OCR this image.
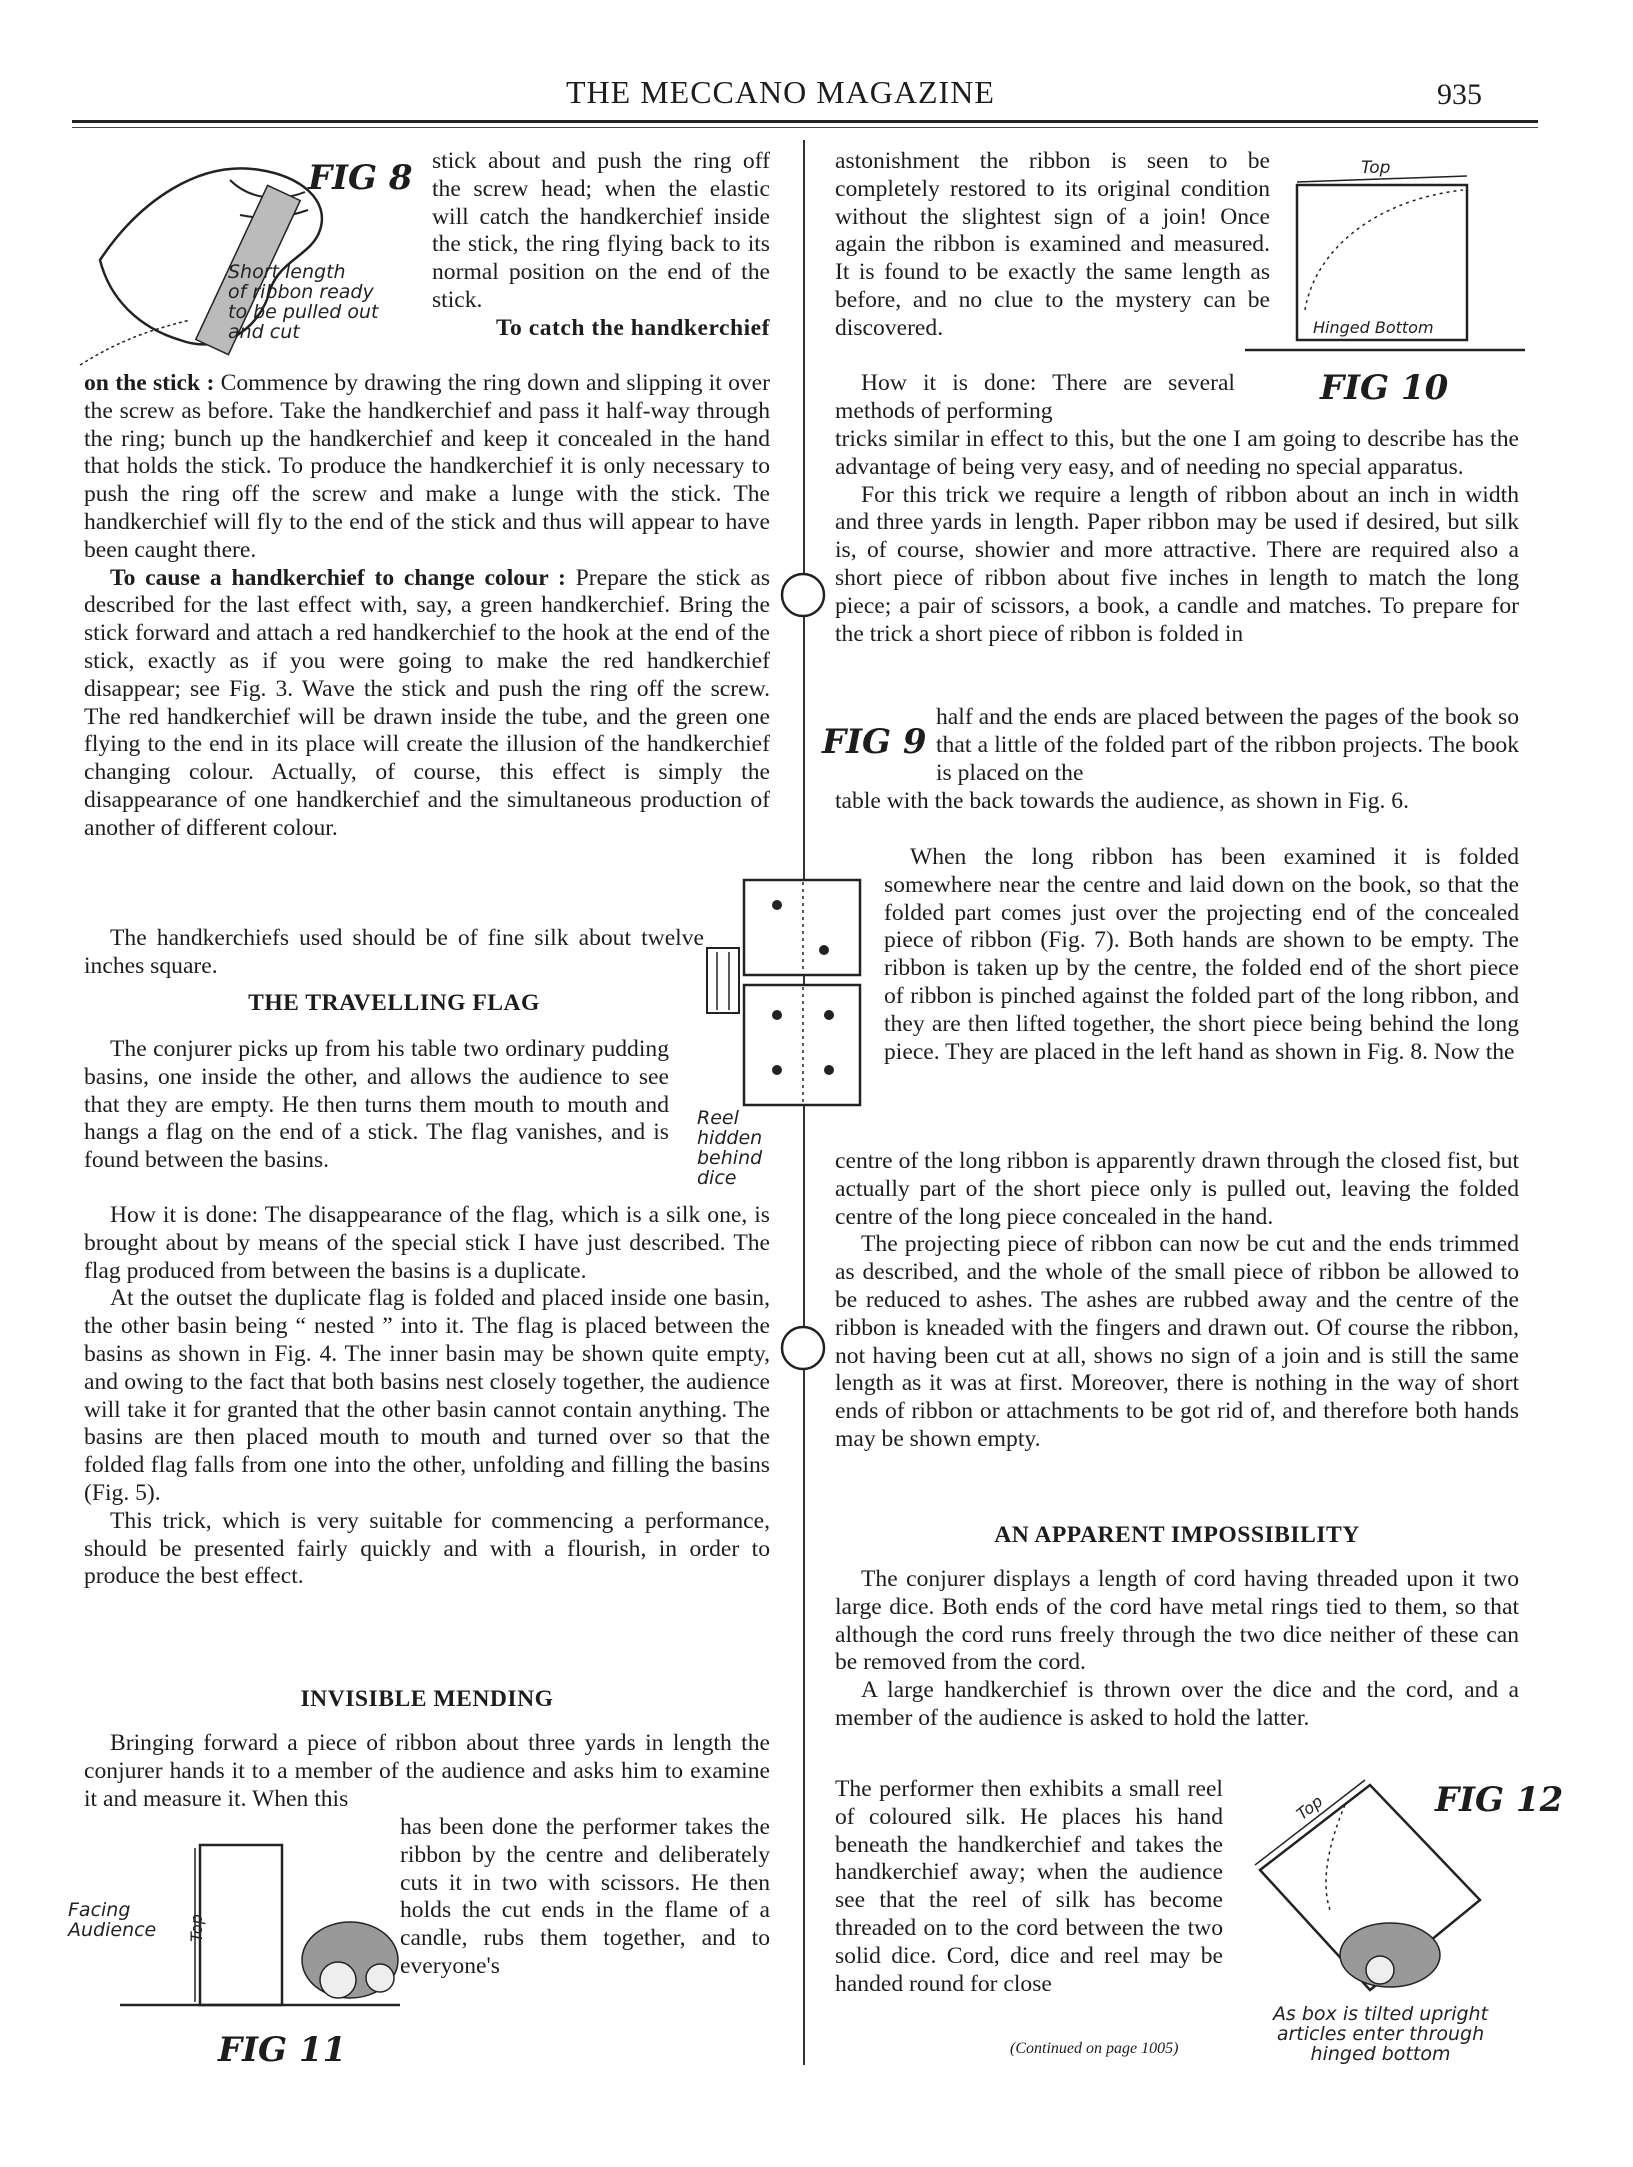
THE MECCANO MAGAZINE	935
FIG 8
Short length
of ribbon ready
to be pulled out
and cut

stick about and push the ring off the screw head; when the elastic will catch the handkerchief inside the stick, the ring flying back to its normal position on the end of the stick.

To catch the handkerchief

on the stick : Commence by drawing the ring down and slipping it over the screw as before. Take the handkerchief and pass it half-way through the ring; bunch up the handkerchief and keep it concealed in the hand that holds the stick. To produce the handkerchief it is only necessary to push the ring off the screw and make a lunge with the stick. The handkerchief will fly to the end of the stick and thus will appear to have been caught there.

To cause a handkerchief to change colour : Prepare the stick as described for the last effect with, say, a green handkerchief. Bring the stick forward and attach a red handkerchief to the hook at the end of the stick, exactly as if you were going to make the red handkerchief disappear; see Fig. 3. Wave the stick and push the ring off the screw. The red handkerchief will be drawn inside the tube, and the green one flying to the end in its place will create the illusion of the handkerchief changing colour. Actually, of course, this effect is simply the disappearance of one handkerchief and the simultaneous production of another of different colour.

The handkerchiefs used should be of fine silk about twelve inches square.

THE TRAVELLING FLAG

The conjurer picks up from his table two ordinary pudding basins, one inside the other, and allows the audience to see that they are empty. He then turns them mouth to mouth and hangs a flag on the end of a stick. The flag vanishes, and is found between the basins.

How it is done: The disappearance of the flag, which is a silk one, is brought about by means of the special stick I have just described. The flag produced from between the basins is a duplicate.

At the outset the duplicate flag is folded and placed inside one basin, the other basin being “ nested ” into it. The flag is placed between the basins as shown in Fig. 4. The inner basin may be shown quite empty, and owing to the fact that both basins nest closely together, the audience will take it for granted that the other basin cannot contain anything. The basins are then placed mouth to mouth and turned over so that the folded flag falls from one into the other, unfolding and filling the basins (Fig. 5).

This trick, which is very suitable for commencing a performance, should be presented fairly quickly and with a flourish, in order to produce the best effect.

INVISIBLE MENDING

Bringing forward a piece of ribbon about three yards in length the conjurer hands it to a member of the audience and asks him to examine it and measure it. When this

has been done the performer takes the ribbon by the centre and deliberately cuts it in two with scissors. He then holds the cut ends in the flame of a candle, rubs them together, and to everyone's

Facing
Audience Top
FIG 11
Reel
hidden
behind
dice
FIG 9

astonishment the ribbon is seen to be completely restored to its original condition without the slightest sign of a join! Once again the ribbon is examined and measured. It is found to be exactly the same length as before, and no clue to the mystery can be discovered.

Top
Hinged Bottom
FIG 10

How it is done: There are several methods of performing

tricks similar in effect to this, but the one I am going to describe has the advantage of being very easy, and of needing no special apparatus.

For this trick we require a length of ribbon about an inch in width and three yards in length. Paper ribbon may be used if desired, but silk is, of course, showier and more attractive. There are required also a short piece of ribbon about five inches in length to match the long piece; a pair of scissors, a book, a candle and matches. To prepare for the trick a short piece of ribbon is folded in

half and the ends are placed between the pages of the book so that a little of the folded part of the ribbon projects. The book is placed on the

table with the back towards the audience, as shown in Fig. 6.

When the long ribbon has been examined it is folded somewhere near the centre and laid down on the book, so that the folded part comes just over the projecting end of the concealed piece of ribbon (Fig. 7). Both hands are shown to be empty. The ribbon is taken up by the centre, the folded end of the short piece of ribbon is pinched against the folded part of the long ribbon, and they are then lifted together, the short piece being behind the long piece. They are placed in the left hand as shown in Fig. 8. Now the

centre of the long ribbon is apparently drawn through the closed fist, but actually part of the short piece only is pulled out, leaving the folded centre of the long piece concealed in the hand.

The projecting piece of ribbon can now be cut and the ends trimmed as described, and the whole of the small piece of ribbon be allowed to be reduced to ashes. The ashes are rubbed away and the centre of the ribbon is kneaded with the fingers and drawn out. Of course the ribbon, not having been cut at all, shows no sign of a join and is still the same length as it was at first. Moreover, there is nothing in the way of short ends of ribbon or attachments to be got rid of, and therefore both hands may be shown empty.

AN APPARENT IMPOSSIBILITY

The conjurer displays a length of cord having threaded upon it two large dice. Both ends of the cord have metal rings tied to them, so that although the cord runs freely through the two dice neither of these can be removed from the cord.

A large handkerchief is thrown over the dice and the cord, and a member of the audience is asked to hold the latter.

The performer then exhibits a small reel of coloured silk. He places his hand beneath the handkerchief and takes the handkerchief away; when the audience see that the reel of silk has become threaded on to the cord between the two solid dice. Cord, dice and reel may be handed round for close

(Continued on page 1005)
Top	FIG 12
As box is tilted upright
articles enter through
hinged bottom
